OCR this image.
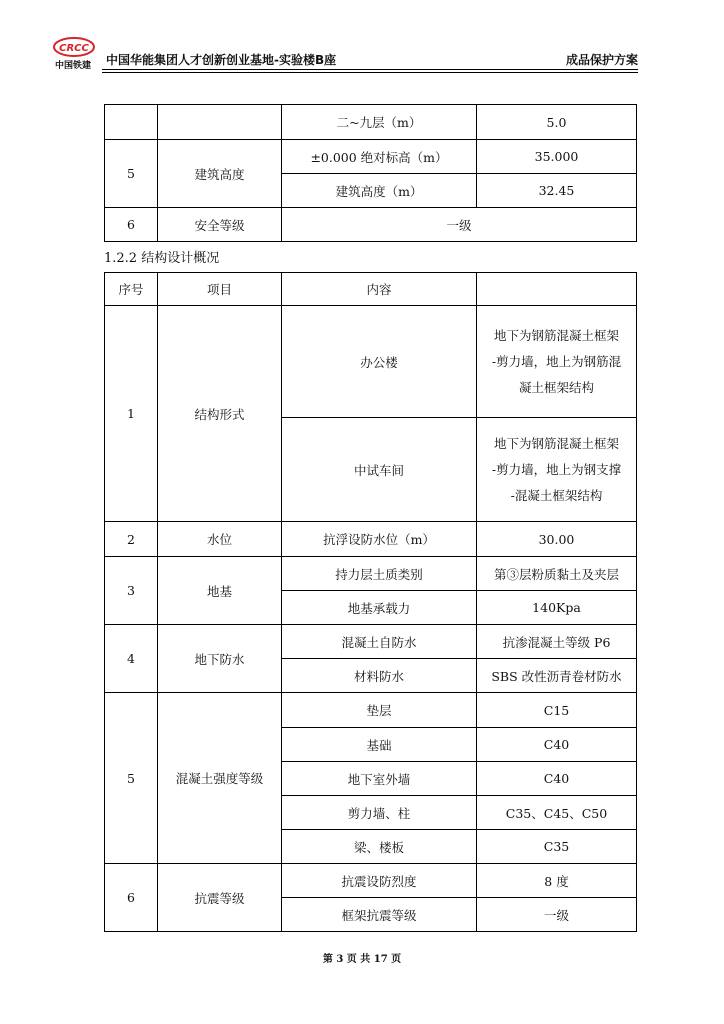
CRCC
中国铁建	中国华能集团人才创新创业基地-实验楼B座	成品保护方案
		二~九层（m）	5.0
5	建筑高度	±0.000 绝对标高（m）	35.000
		建筑高度（m）	32.45
6	安全等级	一级	
1.2.2 结构设计概况
序号	项目	内容	
1	结构形式	办公楼	地下为钢筋混凝土框架
-剪力墙，地上为钢筋混
凝土框架结构

		中试车间	地下为钢筋混凝土框架
-剪力墙，地上为钢支撑
-混凝土框架结构

2	水位	抗浮设防水位（m）	30.00
3	地基	持力层土质类别	第③层粉质黏土及夹层
		地基承载力	140Kpa
4	地下防水	混凝土自防水	抗渗混凝土等级 P6
		材料防水	SBS 改性沥青卷材防水
5	混凝土强度等级	垫层	C15
		基础	C40
		地下室外墙	C40
		剪力墙、柱	C35、C45、C50
		梁、楼板	C35
6	抗震等级	抗震设防烈度	8 度
		框架抗震等级	一级
第 3 页 共 17 页
